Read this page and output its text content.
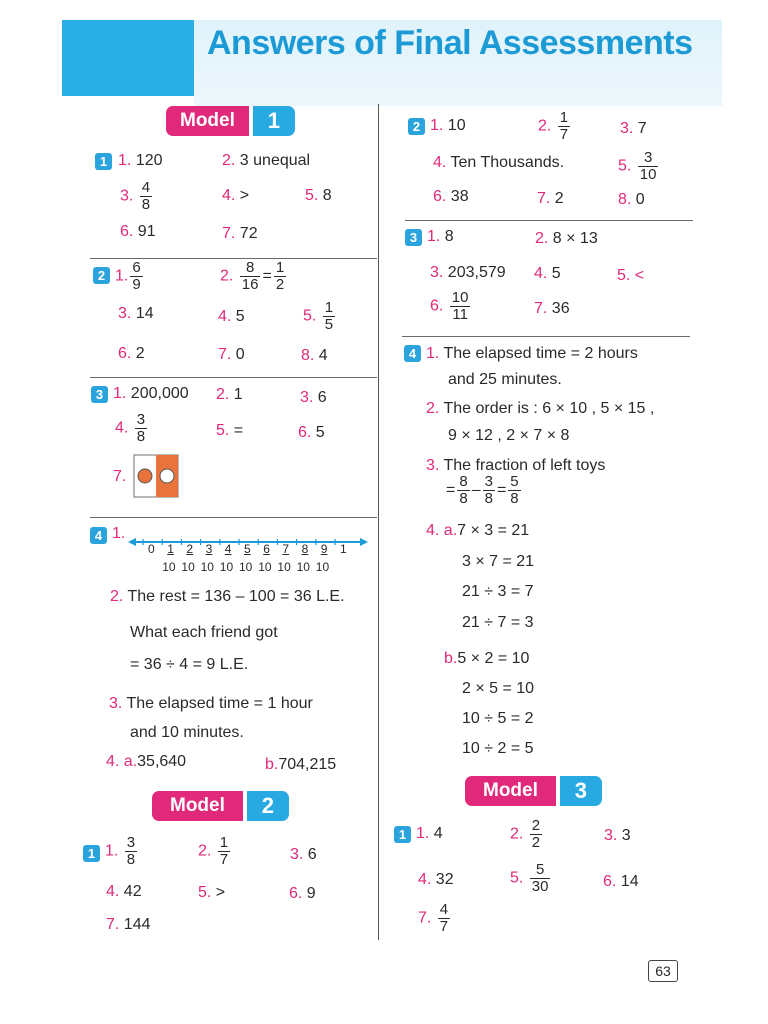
Answers of Final Assessments
Model	1
1 1. 120	2. 3 unequal
3. $\frac{4}{8}$	4. >	5. 8
6. 91	7. 72
2 1. $\frac{6}{9}$	2. $\frac{8}{16} = \frac{1}{2}$
3. 14	4. 5	5. $\frac{1}{5}$
6. 2	7. 0	8. 4
3 1. 200,000 2. 1	3. 6
4. $\frac{3}{8}$	5. =	6. 5
7.
4 1.
0 1 2 3 4 5 6 7 8 9 1
10 10 10 10 10 10 10 10 10
2. The rest = 136 – 100 = 36 L.E.
What each friend got
= 36 ÷ 4 = 9 L.E.
3. The elapsed time = 1 hour
and 10 minutes.
4. a.35,640	b.704,215
Model	2
1 1. $\frac{3}{8}$	2. $\frac{1}{7}$	3. 6
4. 42	5. >	6. 9
7. 144
2 1. 10	2. $\frac{1}{7}$	3. 7
4. Ten Thousands.	5. $\frac{3}{10}$
6. 38	7. 2	8. 0
3 1. 8	2. 8 × 13
3. 203,579 4. 5	5. <
6. $\frac{10}{11}$	7. 36
4 1. The elapsed time = 2 hours
and 25 minutes.
2. The order is : 6 × 10 , 5 × 15 ,
9 × 12 , 2 × 7 × 8
3. The fraction of left toys
= $\frac{8}{8} - \frac{3}{8} = \frac{5}{8}$
4. a.7 × 3 = 21
3 × 7 = 21
21 ÷ 3 = 7
21 ÷ 7 = 3
b.5 × 2 = 10
2 × 5 = 10
10 ÷ 5 = 2
10 ÷ 2 = 5
Model	3
1 1. 4	2. $\frac{2}{2}$	3. 3
4. 32	5. $\frac{5}{30}$	6. 14
7. $\frac{4}{7}$
63
